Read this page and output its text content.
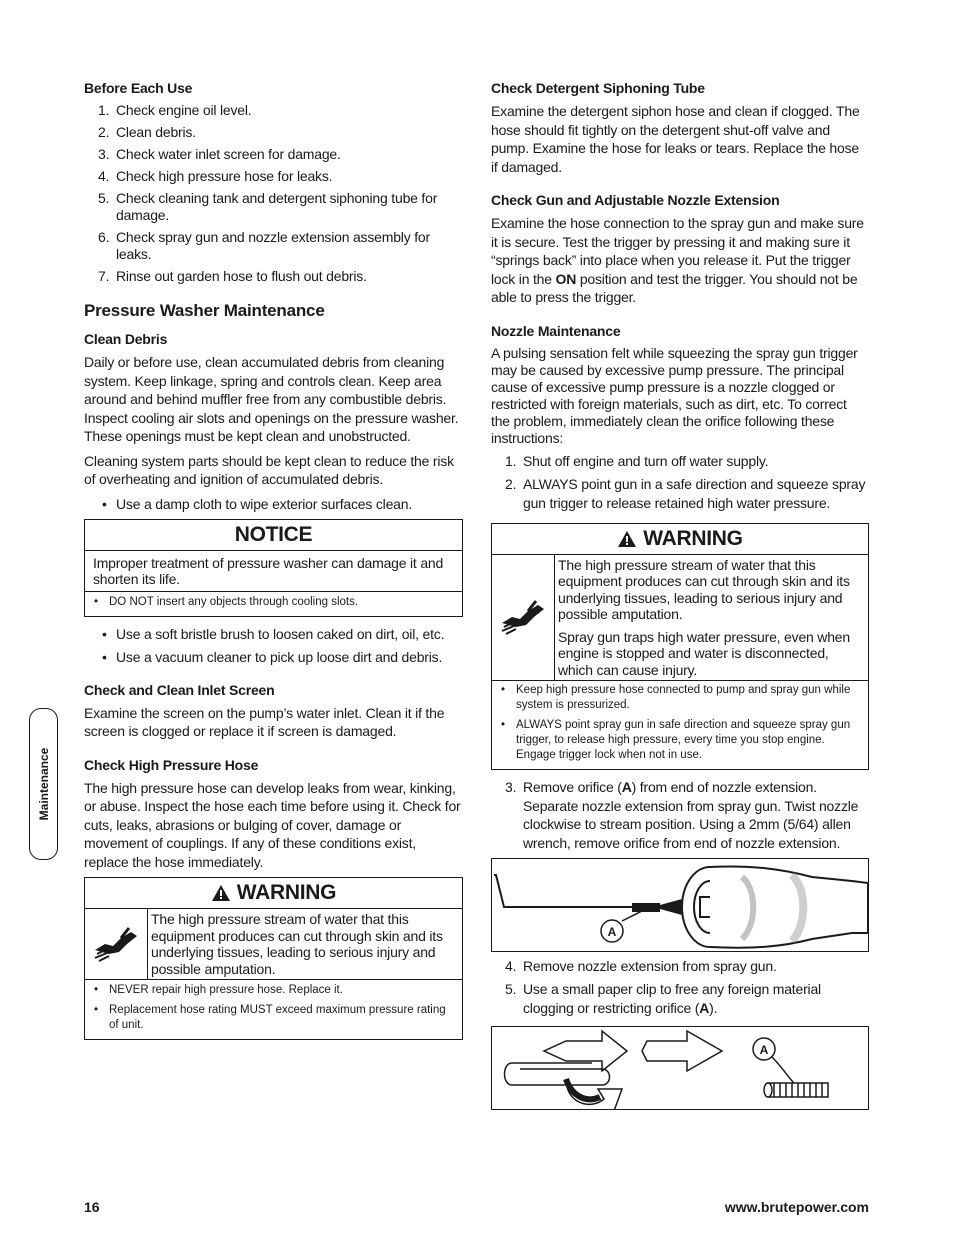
Before Each Use
1. Check engine oil level.
2. Clean debris.
3. Check water inlet screen for damage.
4. Check high pressure hose for leaks.
5. Check cleaning tank and detergent siphoning tube for damage.
6. Check spray gun and nozzle extension assembly for leaks.
7. Rinse out garden hose to flush out debris.
Pressure Washer Maintenance
Clean Debris

Daily or before use, clean accumulated debris from cleaning system. Keep linkage, spring and controls clean. Keep area around and behind muffler free from any combustible debris. Inspect cooling air slots and openings on the pressure washer. These openings must be kept clean and unobstructed.

Cleaning system parts should be kept clean to reduce the risk of overheating and ignition of accumulated debris.

• Use a damp cloth to wipe exterior surfaces clean.
NOTICE
Improper treatment of pressure washer can damage it and shorten its life.
• DO NOT insert any objects through cooling slots.
• Use a soft bristle brush to loosen caked on dirt, oil, etc.
• Use a vacuum cleaner to pick up loose dirt and debris.
Check and Clean Inlet Screen

Examine the screen on the pump’s water inlet. Clean it if the screen is clogged or replace it if screen is damaged.

Check High Pressure Hose

The high pressure hose can develop leaks from wear, kinking, or abuse. Inspect the hose each time before using it. Check for cuts, leaks, abrasions or bulging of cover, damage or movement of couplings. If any of these conditions exist, replace the hose immediately.

WARNING
The high pressure stream of water that this equipment produces can cut through skin and its underlying tissues, leading to serious injury and possible amputation.
• NEVER repair high pressure hose. Replace it.
• Replacement hose rating MUST exceed maximum pressure rating of unit.
Check Detergent Siphoning Tube

Examine the detergent siphon hose and clean if clogged. The hose should fit tightly on the detergent shut-off valve and pump. Examine the hose for leaks or tears. Replace the hose if damaged.

Check Gun and Adjustable Nozzle Extension

Examine the hose connection to the spray gun and make sure it is secure. Test the trigger by pressing it and making sure it “springs back” into place when you release it. Put the trigger lock in the ON position and test the trigger. You should not be able to press the trigger.

Nozzle Maintenance

A pulsing sensation felt while squeezing the spray gun trigger may be caused by excessive pump pressure. The principal cause of excessive pump pressure is a nozzle clogged or restricted with foreign materials, such as dirt, etc. To correct the problem, immediately clean the orifice following these instructions:

1. Shut off engine and turn off water supply.
2. ALWAYS point gun in a safe direction and squeeze spray gun trigger to release retained high water pressure.
WARNING

The high pressure stream of water that this equipment produces can cut through skin and its underlying tissues, leading to serious injury and possible amputation.

Spray gun traps high water pressure, even when engine is stopped and water is disconnected, which can cause injury.

• Keep high pressure hose connected to pump and spray gun while system is pressurized.
• ALWAYS point spray gun in safe direction and squeeze spray gun trigger, to release high pressure, every time you stop engine. Engage trigger lock when not in use.
3. Remove orifice (A) from end of nozzle extension. Separate nozzle extension from spray gun. Twist nozzle clockwise to stream position. Using a 2mm (5/64) allen wrench, remove orifice from end of nozzle extension.
A
4. Remove nozzle extension from spray gun.
5. Use a small paper clip to free any foreign material clogging or restricting orifice (A).
A
Maintenance
16	www.brutepower.com
